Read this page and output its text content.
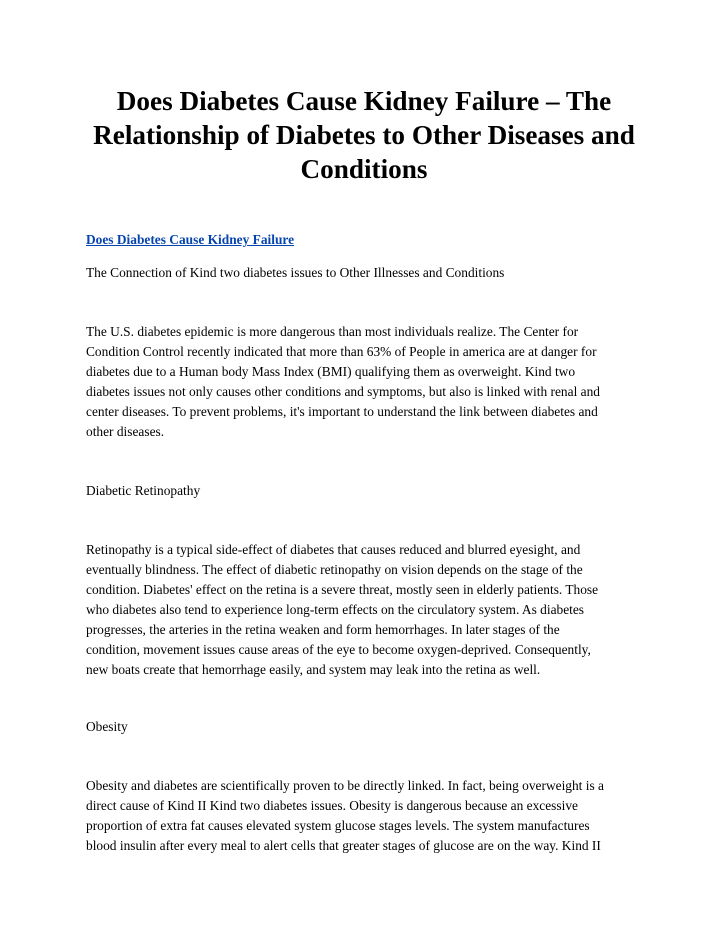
Does Diabetes Cause Kidney Failure – The Relationship of Diabetes to Other Diseases and Conditions

Does Diabetes Cause Kidney Failure

The Connection of Kind two diabetes issues to Other Illnesses and Conditions

The U.S. diabetes epidemic is more dangerous than most individuals realize. The Center for

Condition Control recently indicated that more than 63% of People in america are at danger for

diabetes due to a Human body Mass Index (BMI) qualifying them as overweight. Kind two

diabetes issues not only causes other conditions and symptoms, but also is linked with renal and

center diseases. To prevent problems, it's important to understand the link between diabetes and

other diseases.

Diabetic Retinopathy

Retinopathy is a typical side-effect of diabetes that causes reduced and blurred eyesight, and

eventually blindness. The effect of diabetic retinopathy on vision depends on the stage of the

condition. Diabetes' effect on the retina is a severe threat, mostly seen in elderly patients. Those

who diabetes also tend to experience long-term effects on the circulatory system. As diabetes

progresses, the arteries in the retina weaken and form hemorrhages. In later stages of the

condition, movement issues cause areas of the eye to become oxygen-deprived. Consequently,

new boats create that hemorrhage easily, and system may leak into the retina as well.

Obesity

Obesity and diabetes are scientifically proven to be directly linked. In fact, being overweight is a

direct cause of Kind II Kind two diabetes issues. Obesity is dangerous because an excessive

proportion of extra fat causes elevated system glucose stages levels. The system manufactures

blood insulin after every meal to alert cells that greater stages of glucose are on the way. Kind II
